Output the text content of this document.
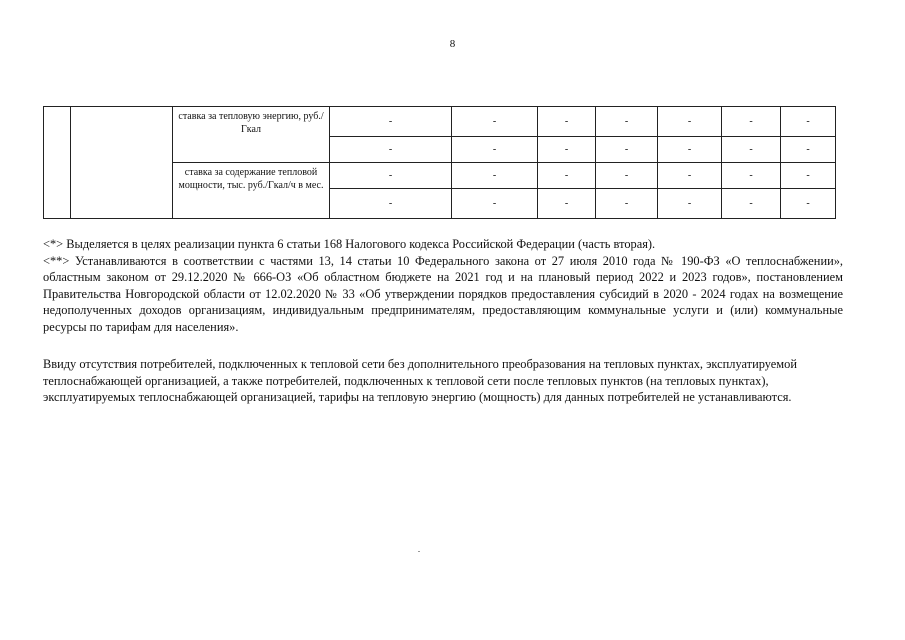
8
		ставка за тепловую энергию, руб./Гкал	-	-	-	-	-	-	-
			-	-	-	-	-	-	-
		ставка за содержание тепловой мощности, тыс. руб./Гкал/ч в мес.	-	-	-	-	-	-	-
			-	-	-	-	-	-	-

<*> Выделяется в целях реализации пункта 6 статьи 168 Налогового кодекса Российской Федерации (часть вторая).

<**> Устанавливаются в соответствии с частями 13, 14 статьи 10 Федерального закона от 27 июля 2010 года № 190-ФЗ «О теплоснабжении», областным законом от 29.12.2020 № 666-ОЗ «Об областном бюджете на 2021 год и на плановый период 2022 и 2023 годов», постановлением Правительства Новгородской области от 12.02.2020 № 33 «Об утверждении порядков предоставления субсидий в 2020 - 2024 годах на возмещение недополученных доходов организациям, индивидуальным предпринимателям, предоставляющим коммунальные услуги и (или) коммунальные ресурсы по тарифам для населения».

Ввиду отсутствия потребителей, подключенных к тепловой сети без дополнительного преобразования на тепловых пунктах, эксплуатируемой теплоснабжающей организацией, а также потребителей, подключенных к тепловой сети после тепловых пунктов (на тепловых пунктах), эксплуатируемых теплоснабжающей организацией, тарифы на тепловую энергию (мощность) для данных потребителей не устанавливаются.
